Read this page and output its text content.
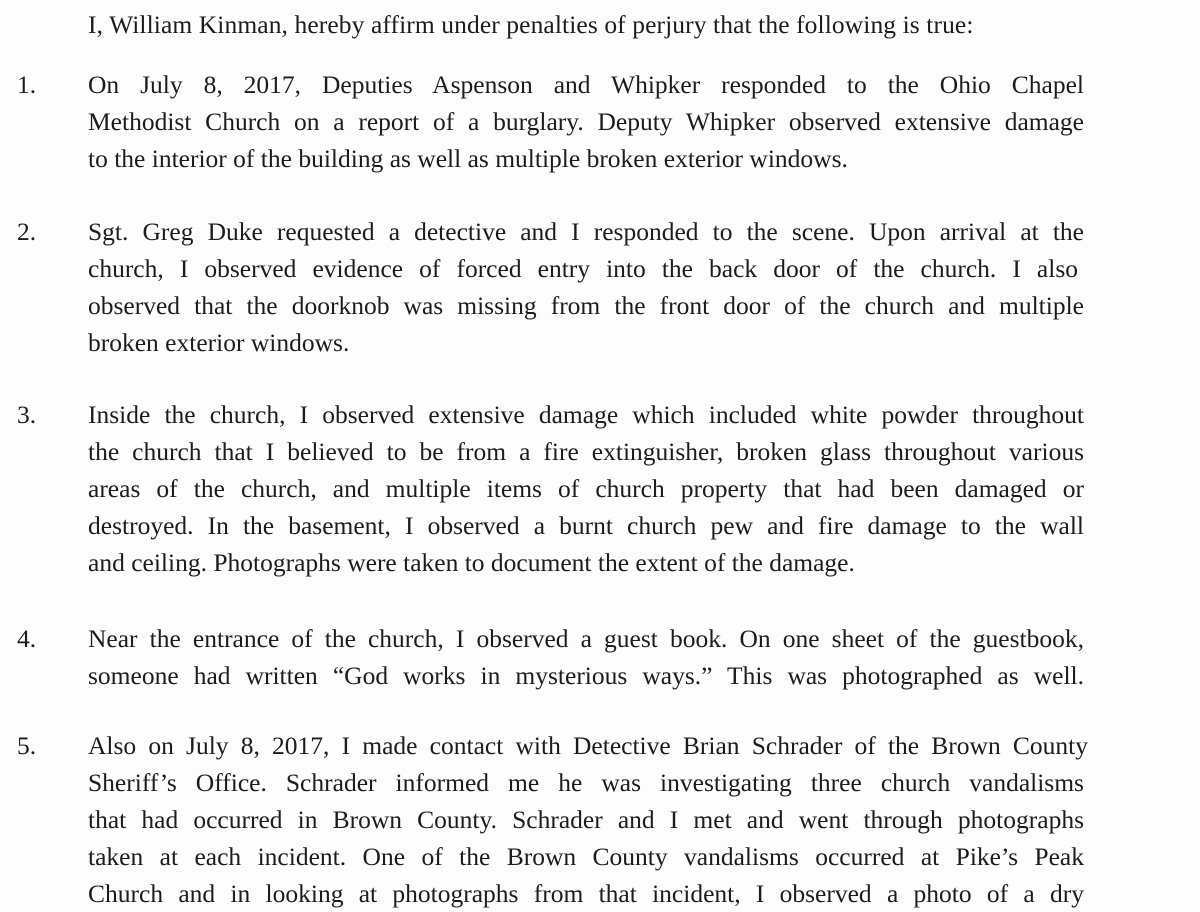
I, William Kinman, hereby affirm under penalties of perjury that the following is true:
1. On July 8, 2017, Deputies Aspenson and Whipker responded to the Ohio Chapel
Methodist Church on a report of a burglary. Deputy Whipker observed extensive damage
to the interior of the building as well as multiple broken exterior windows.
2. Sgt. Greg Duke requested a detective and I responded to the scene. Upon arrival at the
church, I observed evidence of forced entry into the back door of the church. I also
observed that the doorknob was missing from the front door of the church and multiple
broken exterior windows.
3. Inside the church, I observed extensive damage which included white powder throughout
the church that I believed to be from a fire extinguisher, broken glass throughout various
areas of the church, and multiple items of church property that had been damaged or
destroyed. In the basement, I observed a burnt church pew and fire damage to the wall
and ceiling. Photographs were taken to document the extent of the damage.
4. Near the entrance of the church, I observed a guest book. On one sheet of the guestbook,
someone had written “God works in mysterious ways.” This was photographed as well.
5. Also on July 8, 2017, I made contact with Detective Brian Schrader of the Brown County
Sheriff’s Office. Schrader informed me he was investigating three church vandalisms
that had occurred in Brown County. Schrader and I met and went through photographs
taken at each incident. One of the Brown County vandalisms occurred at Pike’s Peak
Church and in looking at photographs from that incident, I observed a photo of a dry
